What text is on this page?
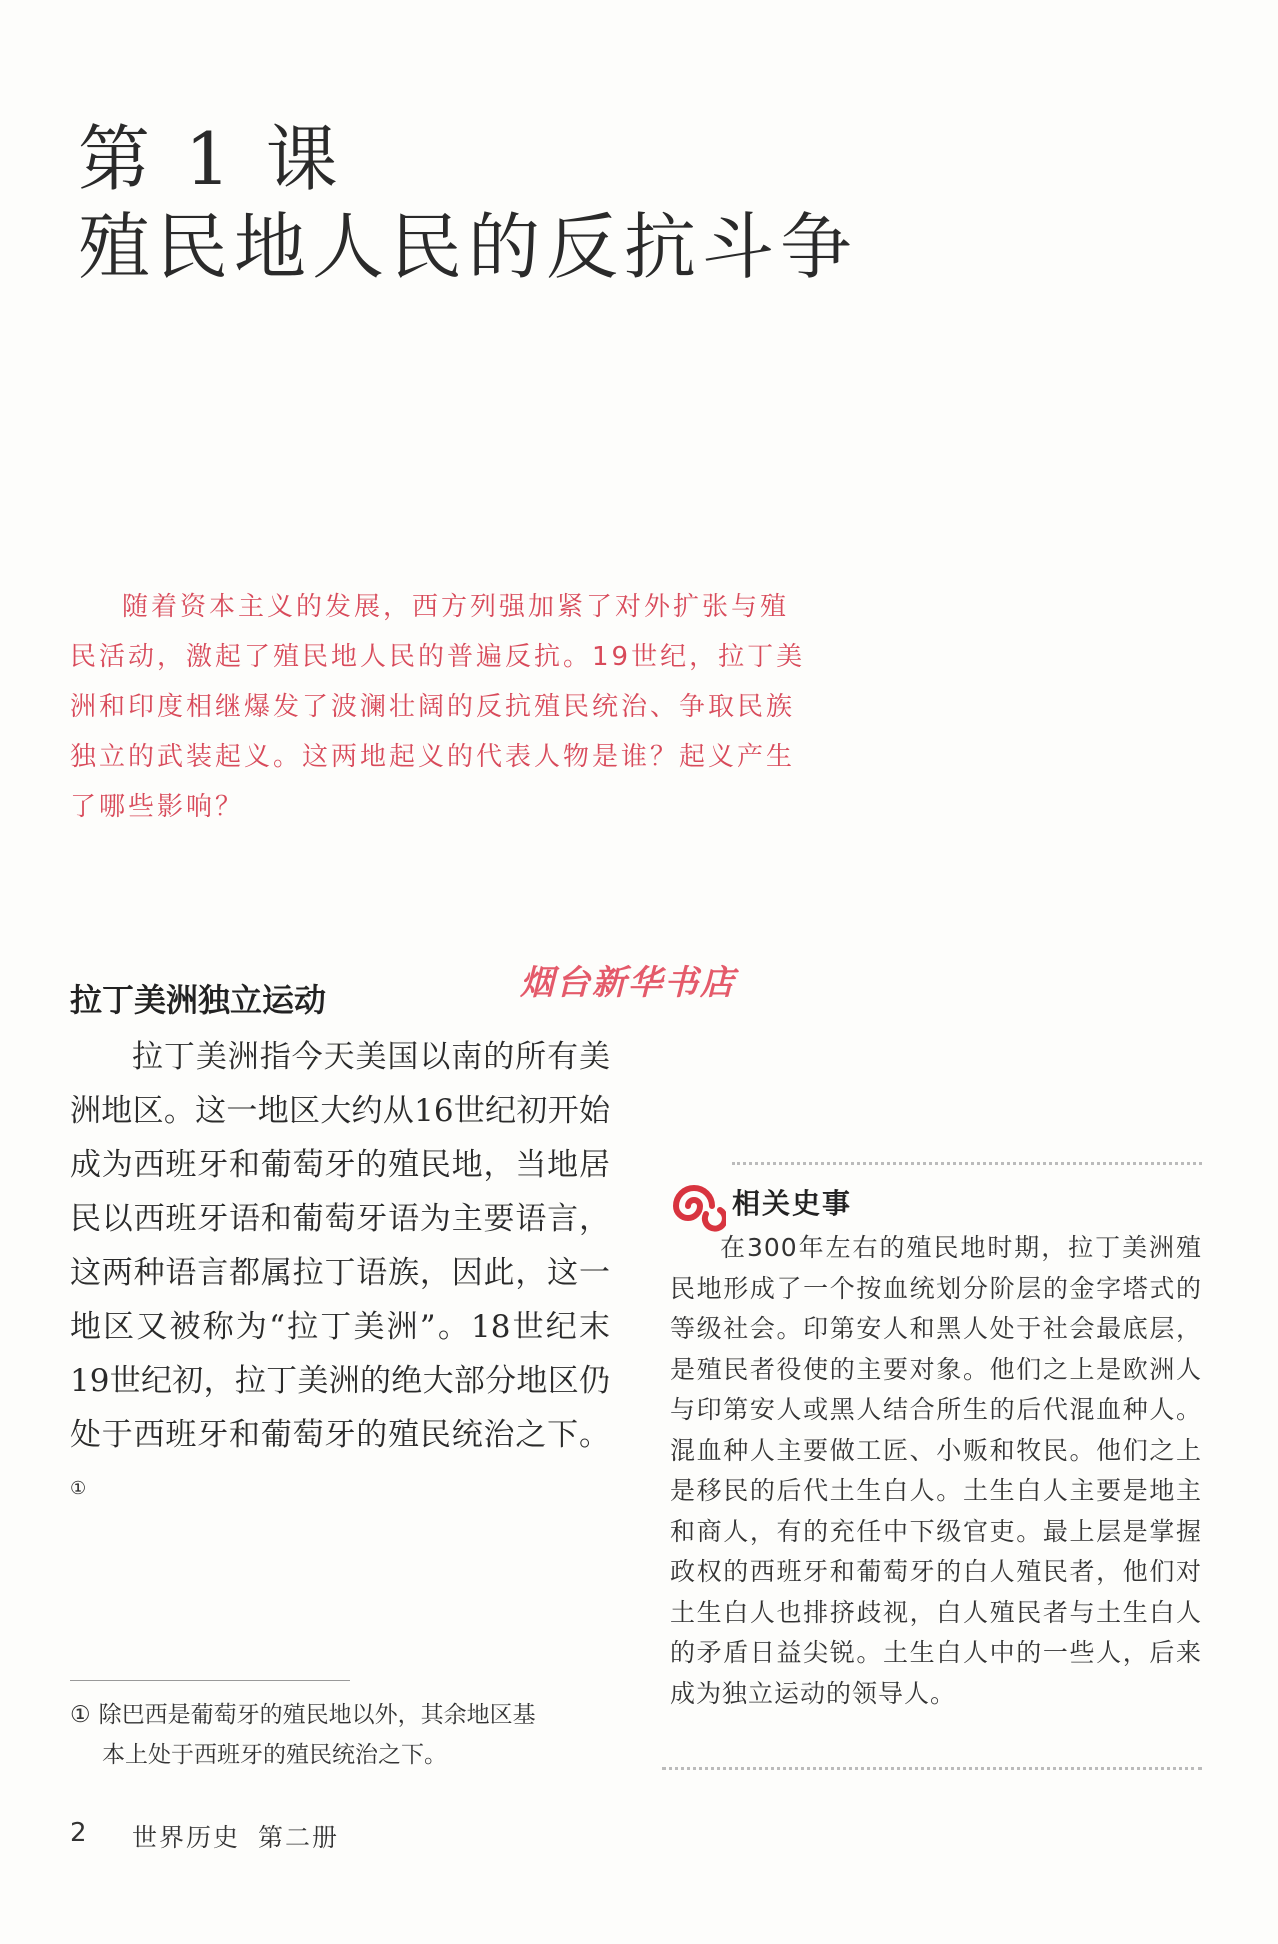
第 1 课
殖民地人民的反抗斗争

随着资本主义的发展，西方列强加紧了对外扩张与殖民活动，激起了殖民地人民的普遍反抗。19世纪，拉丁美洲和印度相继爆发了波澜壮阔的反抗殖民统治、争取民族独立的武装起义。这两地起义的代表人物是谁？起义产生了哪些影响？

烟台新华书店
拉丁美洲独立运动

拉丁美洲指今天美国以南的所有美洲地区。这一地区大约从16世纪初开始成为西班牙和葡萄牙的殖民地，当地居民以西班牙语和葡萄牙语为主要语言，这两种语言都属拉丁语族，因此，这一地区又被称为“拉丁美洲”。18世纪末19世纪初，拉丁美洲的绝大部分地区仍处于西班牙和葡萄牙的殖民统治之下。①

相关史事

在300年左右的殖民地时期，拉丁美洲殖民地形成了一个按血统划分阶层的金字塔式的等级社会。印第安人和黑人处于社会最底层，是殖民者役使的主要对象。他们之上是欧洲人与印第安人或黑人结合所生的后代混血种人。混血种人主要做工匠、小贩和牧民。他们之上是移民的后代土生白人。土生白人主要是地主和商人，有的充任中下级官吏。最上层是掌握政权的西班牙和葡萄牙的白人殖民者，他们对土生白人也排挤歧视，白人殖民者与土生白人的矛盾日益尖锐。土生白人中的一些人，后来成为独立运动的领导人。

① 除巴西是葡萄牙的殖民地以外，其余地区基
本上处于西班牙的殖民统治之下。
2 世界历史 第二册
